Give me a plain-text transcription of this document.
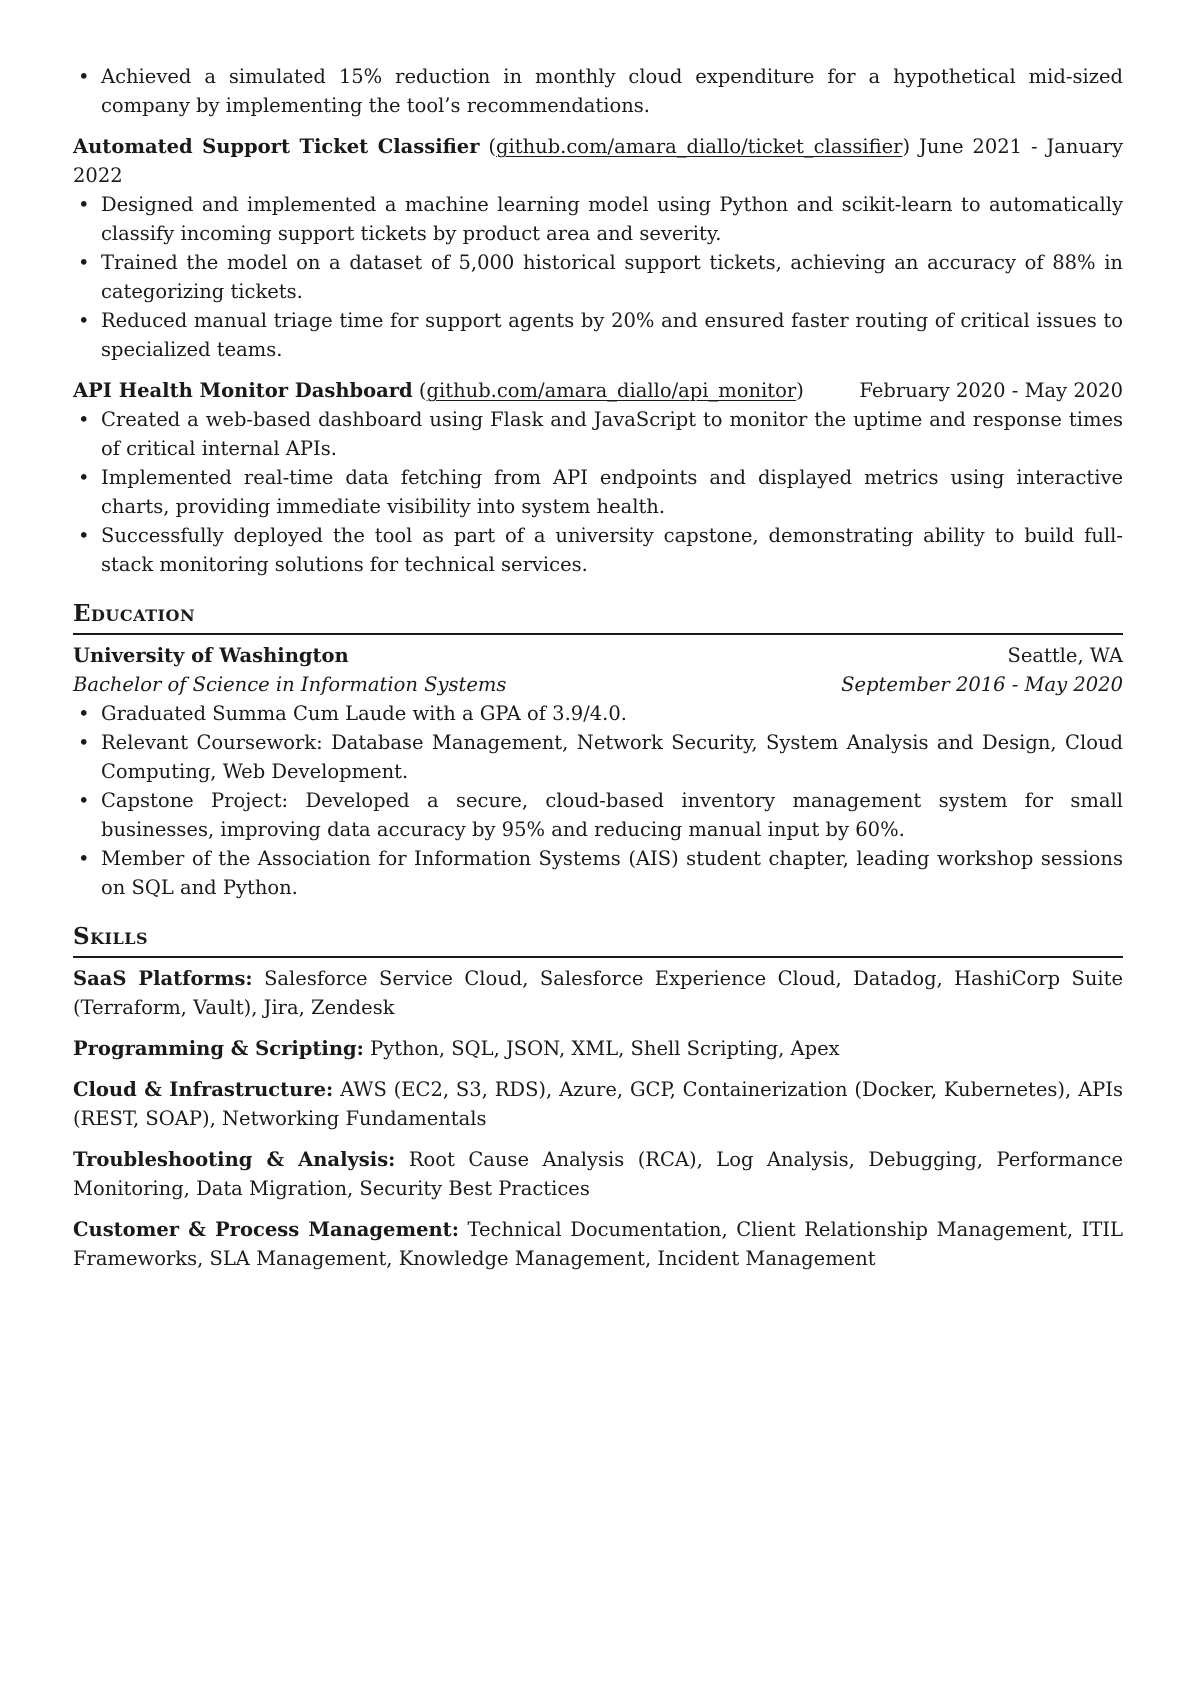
• Achieved a simulated 15% reduction in monthly cloud expenditure for a hypothetical mid-sized company by implementing the tool’s recommendations.
Automated Support Ticket Classifier (github.com/amara_diallo/ticket_classifier) June 2021 - January 2022
• Designed and implemented a machine learning model using Python and scikit-learn to automatically classify incoming support tickets by product area and severity.
• Trained the model on a dataset of 5,000 historical support tickets, achieving an accuracy of 88% in categorizing tickets.
• Reduced manual triage time for support agents by 20% and ensured faster routing of critical issues to specialized teams.
API Health Monitor Dashboard (github.com/amara_diallo/api_monitor)	February 2020 - May 2020
• Created a web-based dashboard using Flask and JavaScript to monitor the uptime and response times of critical internal APIs.
• Implemented real-time data fetching from API endpoints and displayed metrics using interactive charts, providing immediate visibility into system health.
• Successfully deployed the tool as part of a university capstone, demonstrating ability to build full-stack monitoring solutions for technical services.
Education
University of Washington	Seattle, WA
Bachelor of Science in Information Systems	September 2016 - May 2020
• Graduated Summa Cum Laude with a GPA of 3.9/4.0.
• Relevant Coursework: Database Management, Network Security, System Analysis and Design, Cloud Computing, Web Development.
• Capstone Project: Developed a secure, cloud-based inventory management system for small businesses, improving data accuracy by 95% and reducing manual input by 60%.
• Member of the Association for Information Systems (AIS) student chapter, leading workshop sessions on SQL and Python.
Skills
SaaS Platforms: Salesforce Service Cloud, Salesforce Experience Cloud, Datadog, HashiCorp Suite (Terraform, Vault), Jira, Zendesk
Programming & Scripting: Python, SQL, JSON, XML, Shell Scripting, Apex
Cloud & Infrastructure: AWS (EC2, S3, RDS), Azure, GCP, Containerization (Docker, Kubernetes), APIs (REST, SOAP), Networking Fundamentals
Troubleshooting & Analysis: Root Cause Analysis (RCA), Log Analysis, Debugging, Performance Monitoring, Data Migration, Security Best Practices
Customer & Process Management: Technical Documentation, Client Relationship Management, ITIL Frameworks, SLA Management, Knowledge Management, Incident Management
